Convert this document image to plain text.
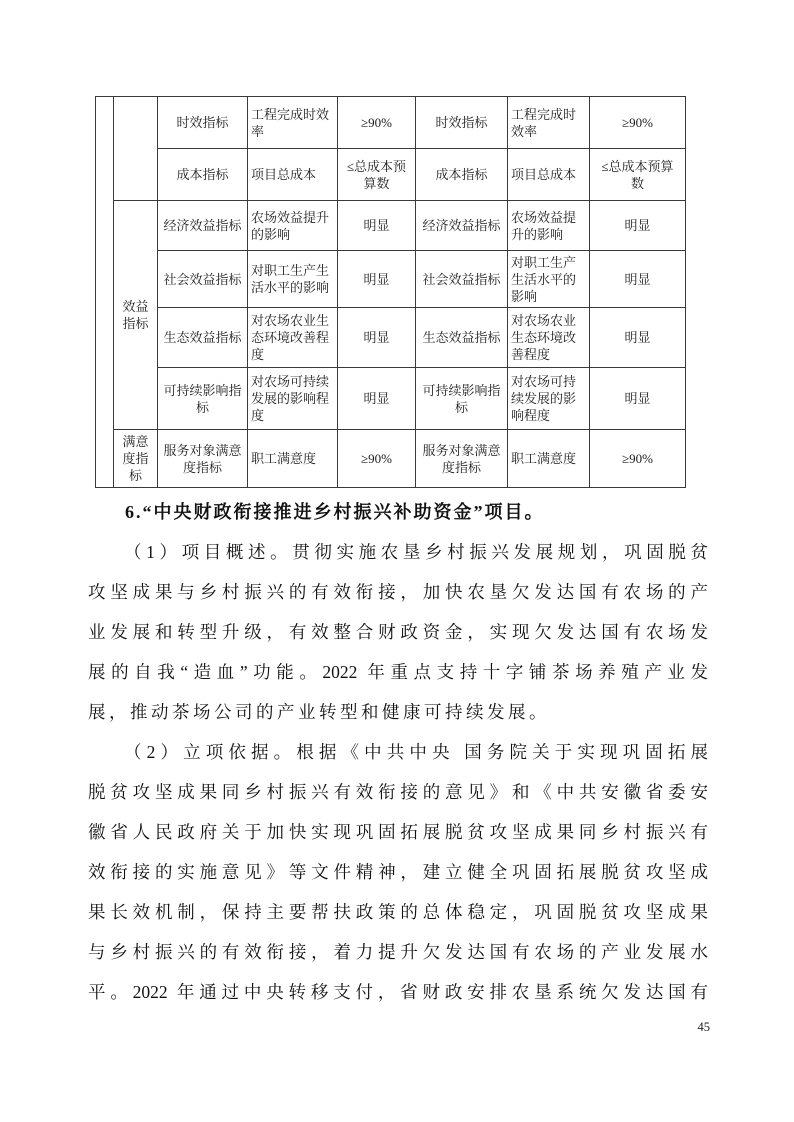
		时效指标	工程完成时效率	≥90%	时效指标	工程完成时效率	≥90%
		成本指标	项目总成本	≤总成本预算数	成本指标	项目总成本	≤总成本预算数
	效益指标	经济效益指标	农场效益提升的影响	明显	经济效益指标	农场效益提升的影响	明显
		社会效益指标	对职工生产生活水平的影响	明显	社会效益指标	对职工生产生活水平的影响	明显
		生态效益指标	对农场农业生态环境改善程度	明显	生态效益指标	对农场农业生态环境改善程度	明显
		可持续影响指标	对农场可持续发展的影响程度	明显	可持续影响指标	对农场可持续发展的影响程度	明显
	满意度指标	服务对象满意度指标	职工满意度	≥90%	服务对象满意度指标	职工满意度	≥90%
6.“中央财政衔接推进乡村振兴补助资金”项目。
（1）项目概述。贯彻实施农垦乡村振兴发展规划，巩固脱贫
攻坚成果与乡村振兴的有效衔接，加快农垦欠发达国有农场的产
业发展和转型升级，有效整合财政资金，实现欠发达国有农场发
展的自我“造血”功能。2022 年重点支持十字铺茶场养殖产业发
展，推动茶场公司的产业转型和健康可持续发展。
（2）立项依据。根据《中共中央 国务院关于实现巩固拓展
脱贫攻坚成果同乡村振兴有效衔接的意见》和《中共安徽省委安
徽省人民政府关于加快实现巩固拓展脱贫攻坚成果同乡村振兴有
效衔接的实施意见》等文件精神，建立健全巩固拓展脱贫攻坚成
果长效机制，保持主要帮扶政策的总体稳定，巩固脱贫攻坚成果
与乡村振兴的有效衔接，着力提升欠发达国有农场的产业发展水
平。2022 年通过中央转移支付，省财政安排农垦系统欠发达国有
45
